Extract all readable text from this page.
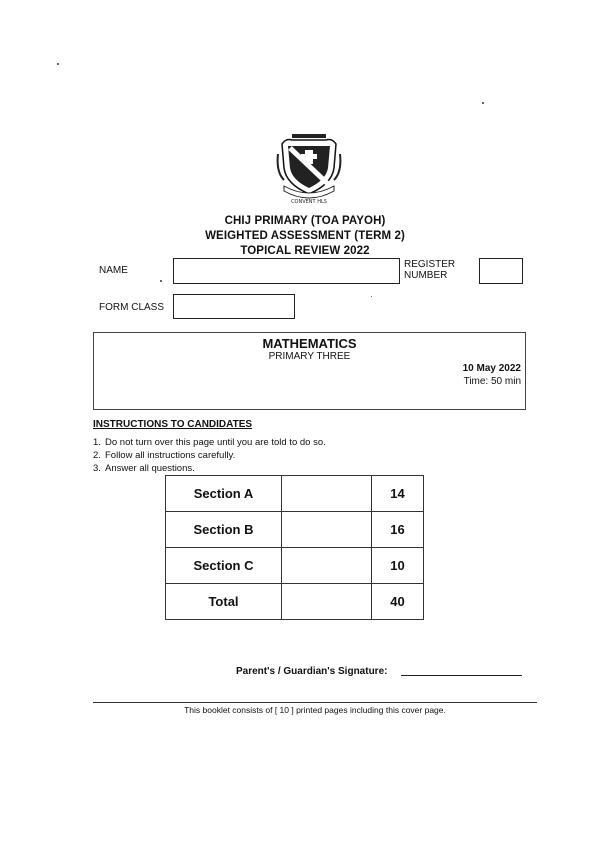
CONVENT HLS
CHIJ PRIMARY (TOA PAYOH)
WEIGHTED ASSESSMENT (TERM 2)
TOPICAL REVIEW 2022
NAME
REGISTER
NUMBER
FORM CLASS
MATHEMATICS
PRIMARY THREE
10 May 2022
Time: 50 min
INSTRUCTIONS TO CANDIDATES
1. Do not turn over this page until you are told to do so.
2. Follow all instructions carefully.
3. Answer all questions.
Section A		14
Section B		16
Section C		10
Total		40
Parent's / Guardian's Signature:
This booklet consists of [ 10 ] printed pages including this cover page.
